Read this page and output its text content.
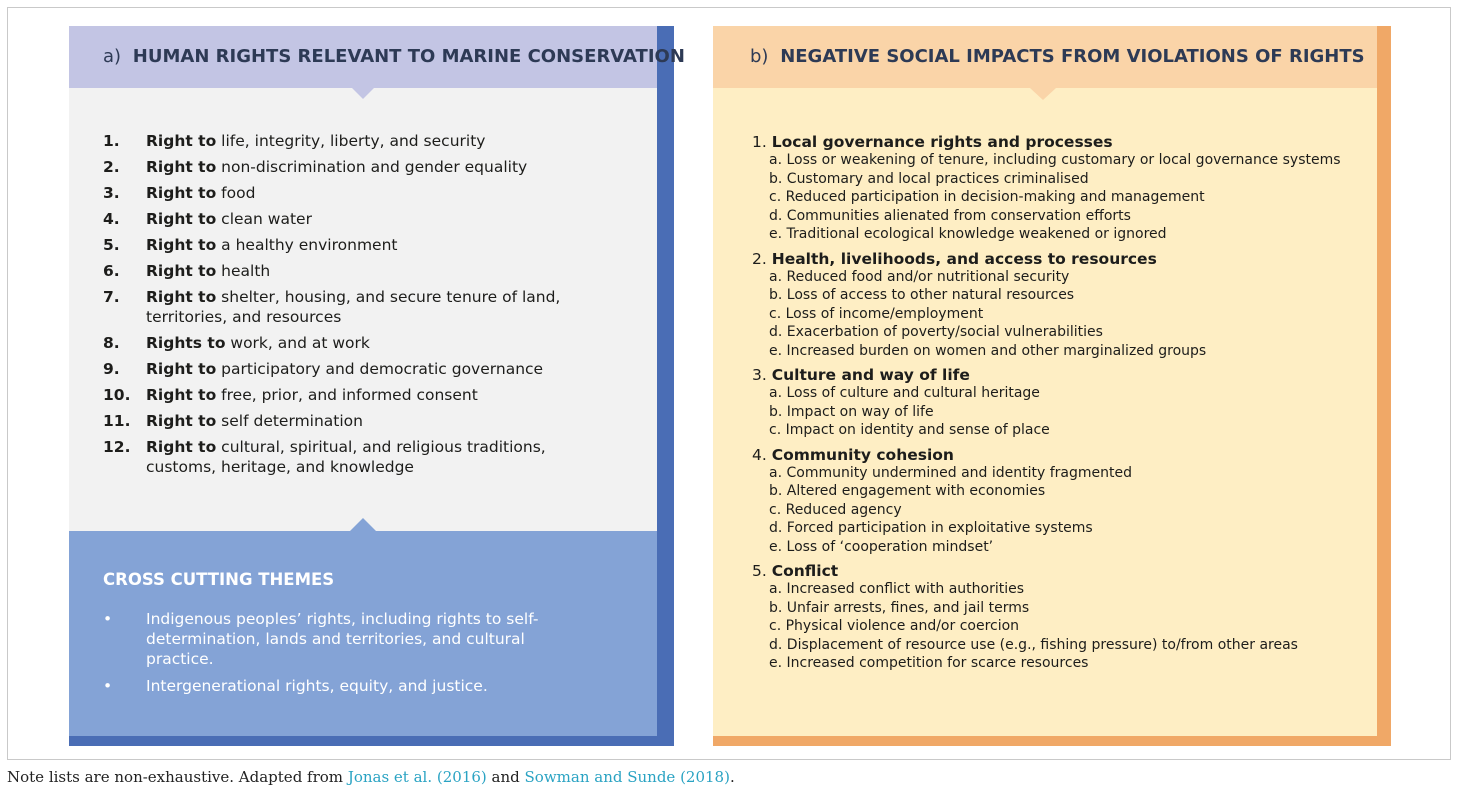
a) HUMAN RIGHTS RELEVANT TO MARINE CONSERVATION
1. Right to life, integrity, liberty, and security
2. Right to non-discrimination and gender equality
3. Right to food
4. Right to clean water
5. Right to a healthy environment
6. Right to health
7. Right to shelter, housing, and secure tenure of land, territories, and resources
8. Rights to work, and at work
9. Right to participatory and democratic governance
10. Right to free, prior, and informed consent
11. Right to self determination
12. Right to cultural, spiritual, and religious traditions, customs, heritage, and knowledge
CROSS CUTTING THEMES
• Indigenous peoples’ rights, including rights to self-determination, lands and territories, and cultural practice.
• Intergenerational rights, equity, and justice.
b) NEGATIVE SOCIAL IMPACTS FROM VIOLATIONS OF RIGHTS
1. Local governance rights and processes
a. Loss or weakening of tenure, including customary or local governance systems
b. Customary and local practices criminalised
c. Reduced participation in decision-making and management
d. Communities alienated from conservation efforts
e. Traditional ecological knowledge weakened or ignored
2. Health, livelihoods, and access to resources
a. Reduced food and/or nutritional security
b. Loss of access to other natural resources
c. Loss of income/employment
d. Exacerbation of poverty/social vulnerabilities
e. Increased burden on women and other marginalized groups
3. Culture and way of life
a. Loss of culture and cultural heritage
b. Impact on way of life
c. Impact on identity and sense of place
4. Community cohesion
a. Community undermined and identity fragmented
b. Altered engagement with economies
c. Reduced agency
d. Forced participation in exploitative systems
e. Loss of ‘cooperation mindset’
5. Conflict
a. Increased conflict with authorities
b. Unfair arrests, fines, and jail terms
c. Physical violence and/or coercion
d. Displacement of resource use (e.g., fishing pressure) to/from other areas
e. Increased competition for scarce resources
Note lists are non-exhaustive. Adapted from Jonas et al. (2016) and Sowman and Sunde (2018).
